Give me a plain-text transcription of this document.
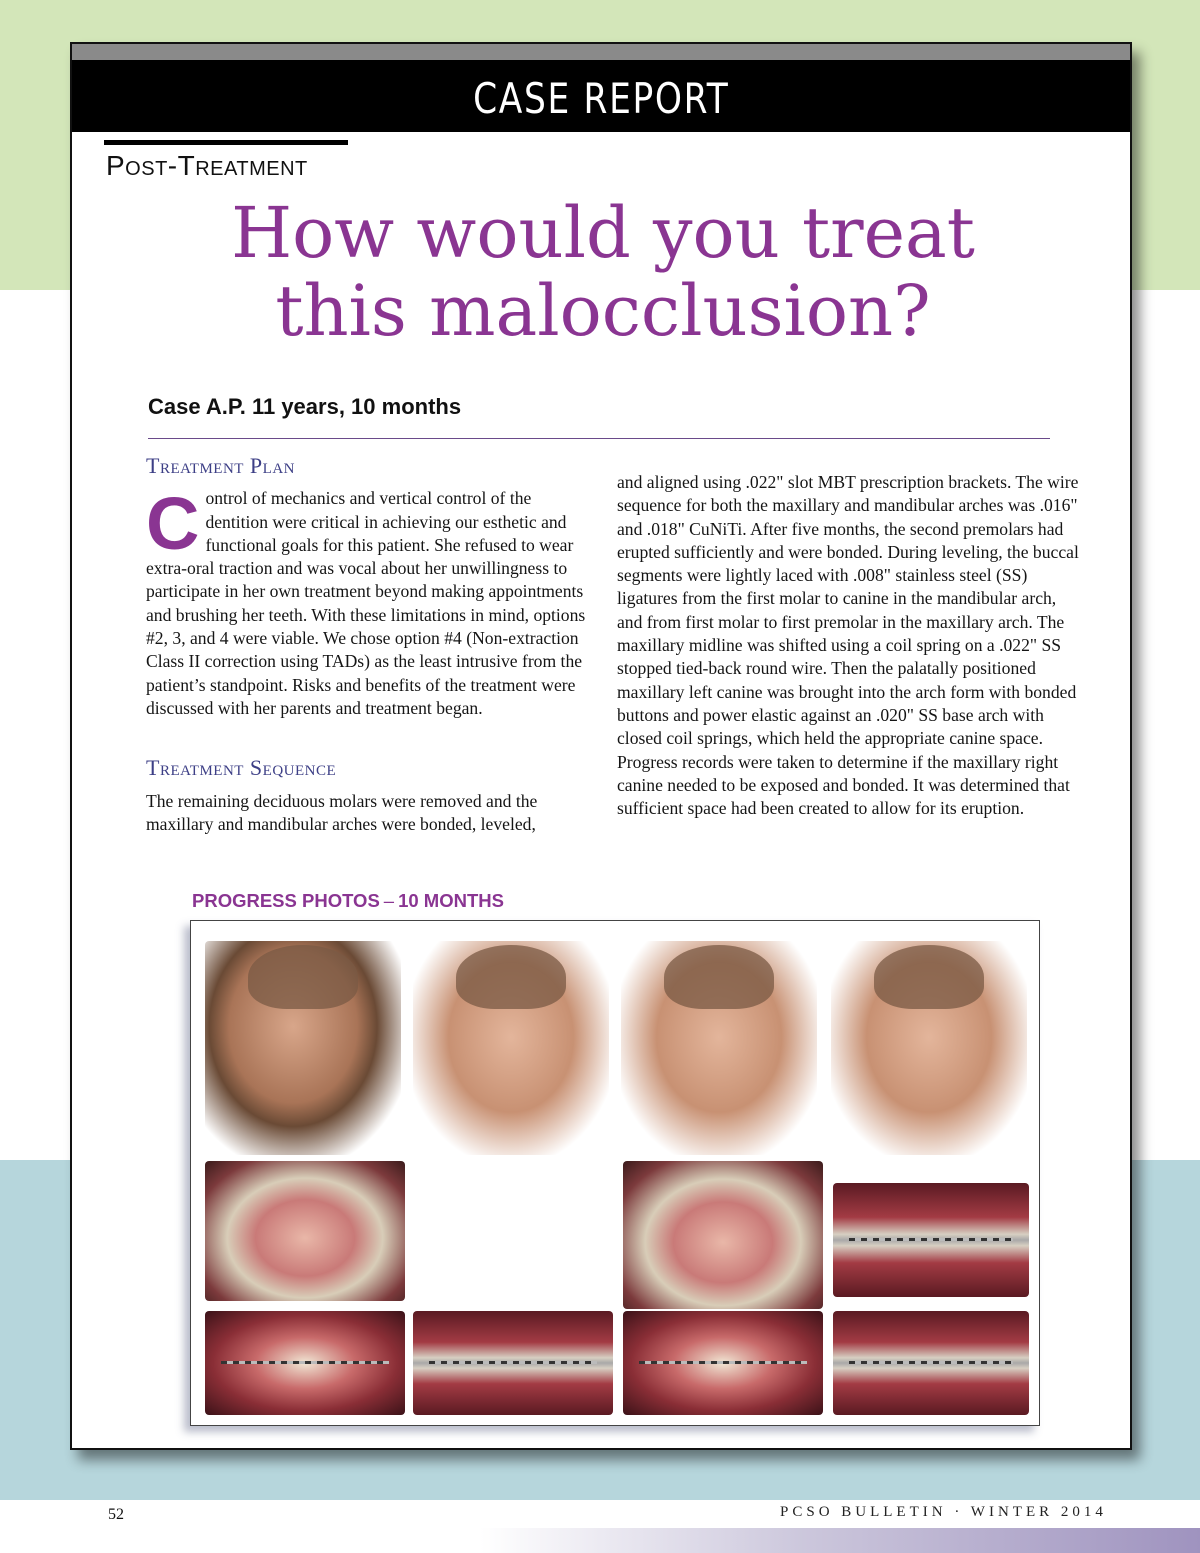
CASE REPORT
Post-Treatment
How would you treat
this malocclusion?
Case A.P. 11 years, 10 months
Treatment Plan

Control of mechanics and vertical control of the dentition were critical in achieving our esthetic and functional goals for this patient. She refused to wear extra-oral traction and was vocal about her unwillingness to participate in her own treatment beyond making appointments and brushing her teeth. With these limitations in mind, options #2, 3, and 4 were viable. We chose option #4 (Non-extraction Class II correction using TADs) as the least intrusive from the patient’s standpoint. Risks and benefits of the treatment were discussed with her parents and treatment began.

Treatment Sequence

The remaining deciduous molars were removed and the maxillary and mandibular arches were bonded, leveled,

and aligned using .022" slot MBT prescription brackets. The wire sequence for both the maxillary and mandibular arches was .016" and .018" CuNiTi. After five months, the second premolars had erupted sufficiently and were bonded. During leveling, the buccal segments were lightly laced with .008" stainless steel (SS) ligatures from the first molar to canine in the mandibular arch, and from first molar to first premolar in the maxillary arch. The maxillary midline was shifted using a coil spring on a .022" SS stopped tied-back round wire. Then the palatally positioned maxillary left canine was brought into the arch form with bonded buttons and power elastic against an .020" SS base arch with closed coil springs, which held the appropriate canine space. Progress records were taken to determine if the maxillary right canine needed to be exposed and bonded. It was determined that sufficient space had been created to allow for its eruption.

PROGRESS PHOTOS – 10 MONTHS
52	PCSO BULLETIN · WINTER 2014
